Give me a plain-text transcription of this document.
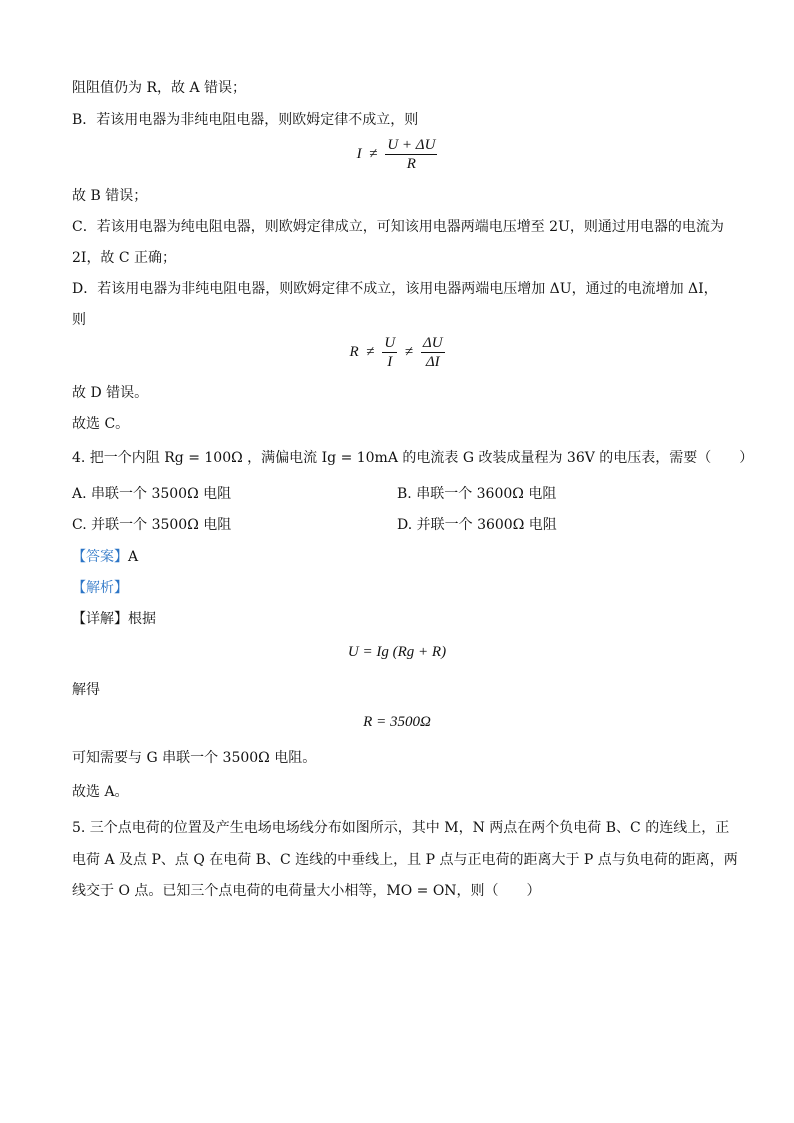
阻阻值仍为 R，故 A 错误；
B．若该用电器为非纯电阻电器，则欧姆定律不成立，则
$I \ne \frac{U + \Delta U}{R}$
故 B 错误；
C．若该用电器为纯电阻电器，则欧姆定律成立，可知该用电器两端电压增至 2U，则通过用电器的电流为
2I，故 C 正确；
D．若该用电器为非纯电阻电器，则欧姆定律不成立，该用电器两端电压增加 ΔU，通过的电流增加 ΔI，
则
$R \ne \frac{U}{I} \ne \frac{\Delta U}{\Delta I}$
故 D 错误。
故选 C。
4. 把一个内阻 Rg = 100Ω ，满偏电流 Ig = 10mA 的电流表 G 改装成量程为 36V 的电压表，需要（　　）
A. 串联一个 3500Ω 电阻	B. 串联一个 3600Ω 电阻
C. 并联一个 3500Ω 电阻	D. 并联一个 3600Ω 电阻
【答案】A
【解析】
【详解】根据
U = Ig (Rg + R)
解得
R = 3500Ω
可知需要与 G 串联一个 3500Ω 电阻。
故选 A。
5. 三个点电荷的位置及产生电场电场线分布如图所示，其中 M，N 两点在两个负电荷 B、C 的连线上，正
电荷 A 及点 P、点 Q 在电荷 B、C 连线的中垂线上，且 P 点与正电荷的距离大于 P 点与负电荷的距离，两
线交于 O 点。已知三个点电荷的电荷量大小相等，MO = ON，则（　　）
